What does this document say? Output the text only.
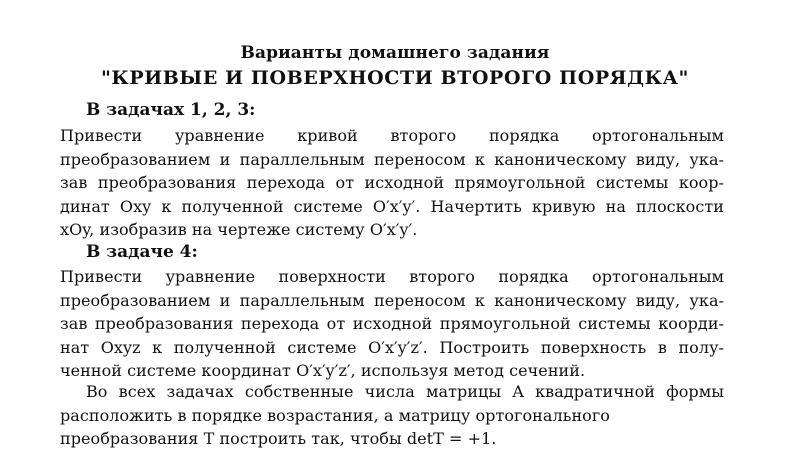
Варианты домашнего задания
"КРИВЫЕ И ПОВЕРХНОСТИ ВТОРОГО ПОРЯДКА"
В задачах 1, 2, 3:
Привести уравнение кривой второго порядка ортогональным
преобразованием и параллельным переносом к каноническому виду, ука-
зав преобразования перехода от исходной прямоугольной системы коор-
динат Oxy к полученной системе O′x′y′. Начертить кривую на плоскости
xOy, изобразив на чертеже систему O′x′y′.
В задаче 4:
Привести уравнение поверхности второго порядка ортогональным
преобразованием и параллельным переносом к каноническому виду, ука-
зав преобразования перехода от исходной прямоугольной системы коорди-
нат Oxyz к полученной системе O′x′y′z′. Построить поверхность в полу-
ченной системе координат O′x′y′z′, используя метод сечений.
Во всех задачах собственные числа матрицы A квадратичной формы
расположить в порядке возрастания, а матрицу ортогонального
преобразования T построить так, чтобы detT = +1.
